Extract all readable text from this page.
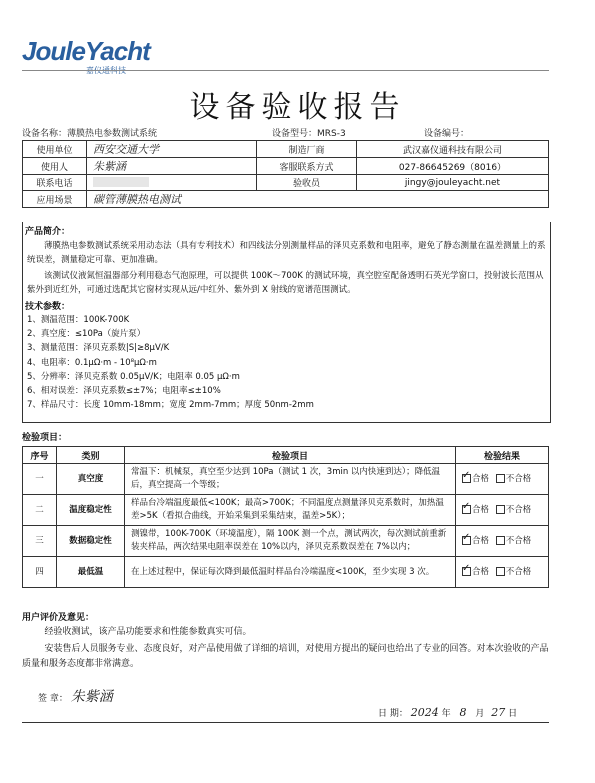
JouleYacht
嘉仪通科技
设备验收报告
设备名称：薄膜热电参数测试系统	设备型号：MRS-3	设备编号：
使用单位	西安交通大学	制造厂商	武汉嘉仪通科技有限公司
使用人	朱紫涵	客服联系方式	027-86645269（8016）
联系电话		验收员	jingy@jouleyacht.net
应用场景	碳管薄膜热电测试		
产品简介：

薄膜热电参数测试系统采用动态法（具有专利技术）和四线法分别测量样品的泽贝克系数和电阻率，避免了静态测量在温差测量上的系统误差，测量稳定可靠、更加准确。

该测试仪液氮恒温器部分利用稳态气泡原理，可以提供 100K～700K 的测试环境，真空腔室配备透明石英光学窗口，投射波长范围从紫外到近红外，可通过选配其它窗材实现从远/中红外、紫外到 X 射线的宽谱范围测试。

技术参数：
1、测温范围：100K-700K
2、真空度：≤10Pa（旋片泵）
3、测量范围：泽贝克系数|S|≥8μV/K
4、电阻率：0.1μΩ·m - 10⁸μΩ·m
5、分辨率：泽贝克系数 0.05μV/K；电阻率 0.05 μΩ·m
6、相对误差：泽贝克系数≤±7%；电阻率≤±10%
7、样品尺寸：长度 10mm-18mm；宽度 2mm-7mm；厚度 50nm-2mm
检验项目：
序号	类别	检验项目	检验结果
一	真空度	常温下：机械泵，真空至少达到 10Pa（测试 1 次，3min 以内快速到达）；降低温后，真空提高一个等级；	✓合格 不合格
二	温度稳定性	样品台冷端温度最低<100K；最高>700K；不同温度点测量泽贝克系数时，加热温差>5K（看拟合曲线，开始采集到采集结束，温差>5K）；	✓合格 不合格
三	数据稳定性	测镍带，100K-700K（环境温度），隔 100K 测一个点，测试两次，每次测试前重新装夹样品，两次结果电阻率误差在 10%以内，泽贝克系数误差在 7%以内；	✓合格 不合格
四	最低温	在上述过程中，保证每次降到最低温时样品台冷端温度<100K，至少实现 3 次。	✓合格 不合格
用户评价及意见：

经验收测试，该产品功能要求和性能参数真实可信。

安装售后人员服务专业、态度良好，对产品使用做了详细的培训，对使用方提出的疑问也给出了专业的回答。对本次验收的产品质量和服务态度都非常满意。

签 章： 朱紫涵
日 期： 2024 年 8 月 27 日
